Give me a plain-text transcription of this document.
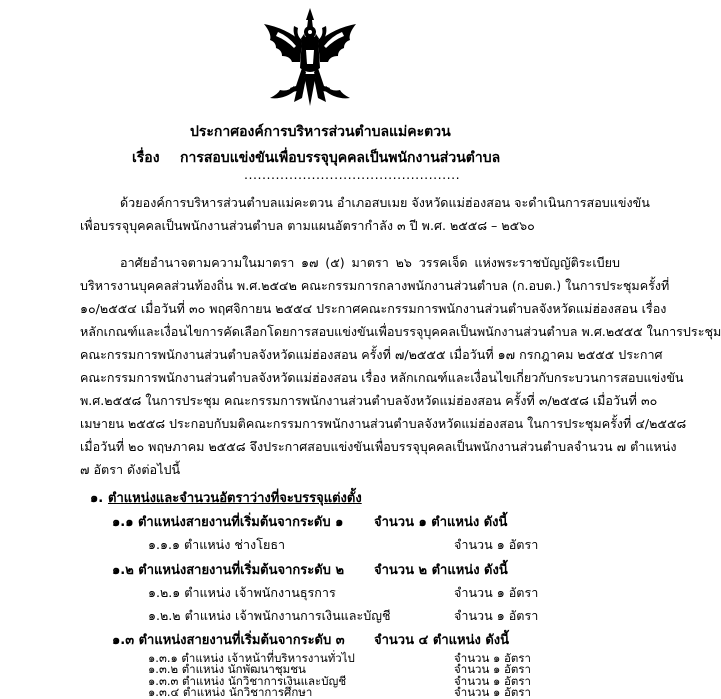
ประกาศองค์การบริหารส่วนตำบลแม่คะตวน
เรื่อง การสอบแข่งขันเพื่อบรรจุบุคคลเป็นพนักงานส่วนตำบล
................................................
ด้วยองค์การบริหารส่วนตำบลแม่คะตวน อำเภอสบเมย จังหวัดแม่ฮ่องสอน จะดำเนินการสอบแข่งขัน
เพื่อบรรจุบุคคลเป็นพนักงานส่วนตำบล ตามแผนอัตรากำลัง ๓ ปี พ.ศ. ๒๕๕๘ – ๒๕๖๐
อาศัยอำนาจตามความในมาตรา ๑๗ (๕) มาตรา ๒๖ วรรคเจ็ด แห่งพระราชบัญญัติระเบียบ
บริหารงานบุคคลส่วนท้องถิ่น พ.ศ.๒๕๔๒ คณะกรรมการกลางพนักงานส่วนตำบล (ก.อบต.) ในการประชุมครั้งที่
๑๐/๒๕๕๔ เมื่อวันที่ ๓๐ พฤศจิกายน ๒๕๕๔ ประกาศคณะกรรมการพนักงานส่วนตำบลจังหวัดแม่ฮ่องสอน เรื่อง
หลักเกณฑ์และเงื่อนไขการคัดเลือกโดยการสอบแข่งขันเพื่อบรรจุบุคคลเป็นพนักงานส่วนตำบล พ.ศ.๒๕๕๕ ในการประชุม
คณะกรรมการพนักงานส่วนตำบลจังหวัดแม่ฮ่องสอน ครั้งที่ ๗/๒๕๕๕ เมื่อวันที่ ๑๗ กรกฎาคม ๒๕๕๕ ประกาศ
คณะกรรมการพนักงานส่วนตำบลจังหวัดแม่ฮ่องสอน เรื่อง หลักเกณฑ์และเงื่อนไขเกี่ยวกับกระบวนการสอบแข่งขัน
พ.ศ.๒๕๕๘ ในการประชุม คณะกรรมการพนักงานส่วนตำบลจังหวัดแม่ฮ่องสอน ครั้งที่ ๓/๒๕๕๘ เมื่อวันที่ ๓๐
เมษายน ๒๕๕๘ ประกอบกับมติคณะกรรมการพนักงานส่วนตำบลจังหวัดแม่ฮ่องสอน ในการประชุมครั้งที่ ๔/๒๕๕๘
เมื่อวันที่ ๒๐ พฤษภาคม ๒๕๕๘ จึงประกาศสอบแข่งขันเพื่อบรรจุบุคคลเป็นพนักงานส่วนตำบลจำนวน ๗ ตำแหน่ง
๗ อัตรา ดังต่อไปนี้
๑. ตำแหน่งและจำนวนอัตราว่างที่จะบรรจุแต่งตั้ง
๑.๑ ตำแหน่งสายงานที่เริ่มต้นจากระดับ ๑ จำนวน ๑ ตำแหน่ง ดังนี้
๑.๑.๑ ตำแหน่ง ช่างโยธา	จำนวน ๑ อัตรา
๑.๒ ตำแหน่งสายงานที่เริ่มต้นจากระดับ ๒ จำนวน ๒ ตำแหน่ง ดังนี้
๑.๒.๑ ตำแหน่ง เจ้าพนักงานธุรการ	จำนวน ๑ อัตรา
๑.๒.๒ ตำแหน่ง เจ้าพนักงานการเงินและบัญชี	จำนวน ๑ อัตรา
๑.๓ ตำแหน่งสายงานที่เริ่มต้นจากระดับ ๓ จำนวน ๔ ตำแหน่ง ดังนี้
๑.๓.๑ ตำแหน่ง เจ้าหน้าที่บริหารงานทั่วไป	จำนวน ๑ อัตรา
๑.๓.๒ ตำแหน่ง นักพัฒนาชุมชน	จำนวน ๑ อัตรา
๑.๓.๓ ตำแหน่ง นักวิชาการเงินและบัญชี	จำนวน ๑ อัตรา
๑.๓.๔ ตำแหน่ง นักวิชาการศึกษา	จำนวน ๑ อัตรา
